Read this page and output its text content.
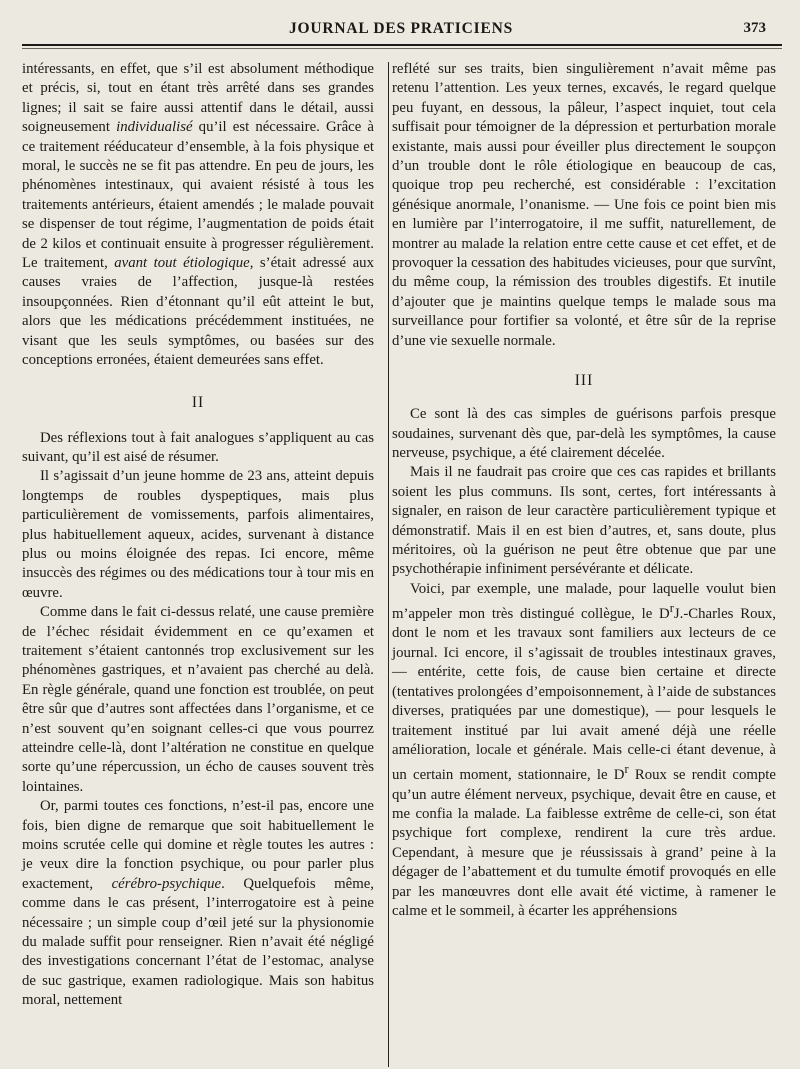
JOURNAL DES PRATICIENS	373

intéressants, en effet, que s’il est absolument méthodique et précis, si, tout en étant très arrêté dans ses grandes lignes; il sait se faire aussi attentif dans le détail, aussi soigneusement individualisé qu’il est nécessaire. Grâce à ce traitement rééducateur d’ensemble, à la fois physique et moral, le succès ne se fit pas attendre. En peu de jours, les phénomènes intestinaux, qui avaient résisté à tous les traitements antérieurs, étaient amendés ; le malade pouvait se dispenser de tout régime, l’augmentation de poids était de 2 kilos et continuait ensuite à progresser régulièrement. Le traitement, avant tout étiologique, s’était adressé aux causes vraies de l’affection, jusque-là restées insoupçonnées. Rien d’étonnant qu’il eût atteint le but, alors que les médications précédemment instituées, ne visant que les seuls symptômes, ou basées sur des conceptions erronées, étaient demeurées sans effet.

II

Des réflexions tout à fait analogues s’appliquent au cas suivant, qu’il est aisé de résumer.

Il s’agissait d’un jeune homme de 23 ans, atteint depuis longtemps de roubles dyspeptiques, mais plus particulièrement de vomissements, parfois alimentaires, plus habituellement aqueux, acides, survenant à distance plus ou moins éloignée des repas. Ici encore, même insuccès des régimes ou des médications tour à tour mis en œuvre.

Comme dans le fait ci-dessus relaté, une cause première de l’échec résidait évidemment en ce qu’examen et traitement s’étaient cantonnés trop exclusivement sur les phénomènes gastriques, et n’avaient pas cherché au delà. En règle générale, quand une fonction est troublée, on peut être sûr que d’autres sont affectées dans l’organisme, et ce n’est souvent qu’en soignant celles-ci que vous pourrez atteindre celle-là, dont l’altération ne constitue en quelque sorte qu’une répercussion, un écho de causes souvent très lointaines.

Or, parmi toutes ces fonctions, n’est-il pas, encore une fois, bien digne de remarque que soit habituellement le moins scrutée celle qui domine et règle toutes les autres : je veux dire la fonction psychique, ou pour parler plus exactement, cérébro-psychique. Quelquefois même, comme dans le cas présent, l’interrogatoire est à peine nécessaire ; un simple coup d’œil jeté sur la physionomie du malade suffit pour renseigner. Rien n’avait été négligé des investigations concernant l’état de l’estomac, analyse de suc gastrique, examen radiologique. Mais son habitus moral, nettement

reflété sur ses traits, bien singulièrement n’avait même pas retenu l’attention. Les yeux ternes, excavés, le regard quelque peu fuyant, en dessous, la pâleur, l’aspect inquiet, tout cela suffisait pour témoigner de la dépression et perturbation morale existante, mais aussi pour éveiller plus directement le soupçon d’un trouble dont le rôle étiologique en beaucoup de cas, quoique trop peu recherché, est considérable : l’excitation génésique anormale, l’onanisme. — Une fois ce point bien mis en lumière par l’interrogatoire, il me suffit, naturellement, de montrer au malade la relation entre cette cause et cet effet, et de provoquer la cessation des habitudes vicieuses, pour que survînt, du même coup, la rémission des troubles digestifs. Et inutile d’ajouter que je maintins quelque temps le malade sous ma surveillance pour fortifier sa volonté, et être sûr de la reprise d’une vie sexuelle normale.

III

Ce sont là des cas simples de guérisons parfois presque soudaines, survenant dès que, par-delà les symptômes, la cause nerveuse, psychique, a été clairement décelée.

Mais il ne faudrait pas croire que ces cas rapides et brillants soient les plus communs. Ils sont, certes, fort intéressants à signaler, en raison de leur caractère particulièrement typique et démonstratif. Mais il en est bien d’autres, et, sans doute, plus méritoires, où la guérison ne peut être obtenue que par une psychothérapie infiniment persévérante et délicate.

Voici, par exemple, une malade, pour laquelle voulut bien m’appeler mon très distingué collègue, le $D^rJ$.-Charles Roux, dont le nom et les travaux sont familiers aux lecteurs de ce journal. Ici encore, il s’agissait de troubles intestinaux graves, — entérite, cette fois, de cause bien certaine et directe (tentatives prolongées d’empoisonnement, à l’aide de substances diverses, pratiquées par une domestique), — pour lesquels le traitement institué par lui avait amené déjà une réelle amélioration, locale et générale. Mais celle-ci étant devenue, à un certain moment, stationnaire, le $D^r$ Roux se rendit compte qu’un autre élément nerveux, psychique, devait être en cause, et me confia la malade. La faiblesse extrême de celle-ci, son état psychique fort complexe, rendirent la cure très ardue. Cependant, à mesure que je réussissais à grand’ peine à la dégager de l’abattement et du tumulte émotif provoqués en elle par les manœuvres dont elle avait été victime, à ramener le calme et le sommeil, à écarter les appréhensions
